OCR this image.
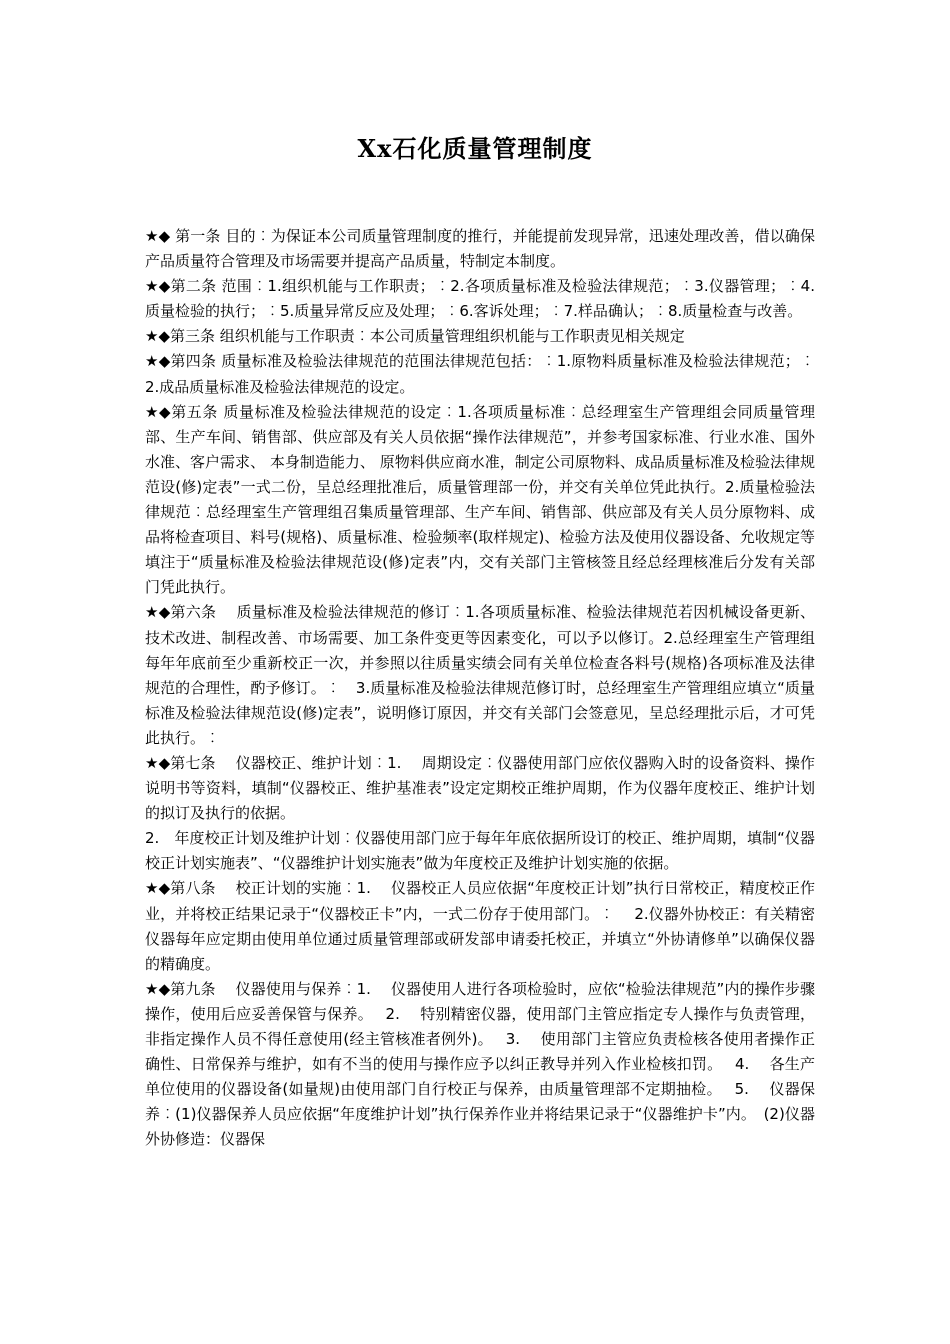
Xx石化质量管理制度

★◆ 第一条 目的︰为保证本公司质量管理制度的推行，并能提前发现异常，迅速处理改善，借以确保产品质量符合管理及市场需要并提高产品质量，特制定本制度。

★◆第二条 范围︰1.组织机能与工作职责；︰2.各项质量标准及检验法律规范；︰3.仪器管理；︰4.质量检验的执行；︰5.质量异常反应及处理；︰6.客诉处理；︰7.样品确认；︰8.质量检查与改善。

★◆第三条 组织机能与工作职责︰本公司质量管理组织机能与工作职责见相关规定

★◆第四条 质量标准及检验法律规范的范围法律规范包括：︰1.原物料质量标准及检验法律规范；︰2.成品质量标准及检验法律规范的设定。

★◆第五条 质量标准及检验法律规范的设定︰1.各项质量标准︰总经理室生产管理组会同质量管理部、生产车间、销售部、供应部及有关人员依据“操作法律规范”，并参考国家标准、行业水准、国外水准、客户需求、 本身制造能力、 原物料供应商水准，制定公司原物料、成品质量标准及检验法律规范设(修)定表”一式二份，呈总经理批准后，质量管理部一份，并交有关单位凭此执行。2.质量检验法律规范︰总经理室生产管理组召集质量管理部、生产车间、销售部、供应部及有关人员分原物料、成品将检查项目、料号(规格)、质量标准、检验频率(取样规定)、检验方法及使用仪器设备、允收规定等填注于“质量标准及检验法律规范设(修)定表”内，交有关部门主管核签且经总经理核准后分发有关部门凭此执行。

★◆第六条　 质量标准及检验法律规范的修订︰1.各项质量标准、检验法律规范若因机械设备更新、技术改进、制程改善、市场需要、加工条件变更等因素变化，可以予以修订。2.总经理室生产管理组每年年底前至少重新校正一次，并参照以往质量实绩会同有关单位检查各料号(规格)各项标准及法律规范的合理性，酌予修订。︰　3.质量标准及检验法律规范修订时，总经理室生产管理组应填立“质量标准及检验法律规范设(修)定表”，说明修订原因，并交有关部门会签意见，呈总经理批示后，才可凭此执行。︰

★◆第七条　 仪器校正、维护计划︰1.　 周期设定︰仪器使用部门应依仪器购入时的设备资料、操作说明书等资料，填制“仪器校正、维护基准表”设定定期校正维护周期，作为仪器年度校正、维护计划的拟订及执行的依据。

2.　年度校正计划及维护计划︰仪器使用部门应于每年年底依据所设订的校正、维护周期，填制“仪器校正计划实施表”、“仪器维护计划实施表”做为年度校正及维护计划实施的依据。

★◆第八条　 校正计划的实施︰1.　 仪器校正人员应依据“年度校正计划”执行日常校正，精度校正作业，并将校正结果记录于“仪器校正卡”内，一式二份存于使用部门。︰　 2.仪器外协校正：有关精密仪器每年应定期由使用单位通过质量管理部或研发部申请委托校正，并填立“外协请修单”以确保仪器的精确度。

★◆第九条　 仪器使用与保养︰1.　 仪器使用人进行各项检验时，应依“检验法律规范”内的操作步骤操作，使用后应妥善保管与保养。　 2.　 特别精密仪器，使用部门主管应指定专人操作与负责管理，非指定操作人员不得任意使用(经主管核准者例外)。　 3.　 使用部门主管应负责检核各使用者操作正确性、日常保养与维护，如有不当的使用与操作应予以纠正教导并列入作业检核扣罚。　 4.　 各生产单位使用的仪器设备(如量规)由使用部门自行校正与保养，由质量管理部不定期抽检。　 5.　 仪器保养︰(1)仪器保养人员应依据“年度维护计划”执行保养作业并将结果记录于“仪器维护卡”内。　(2)仪器外协修造：仪器保
